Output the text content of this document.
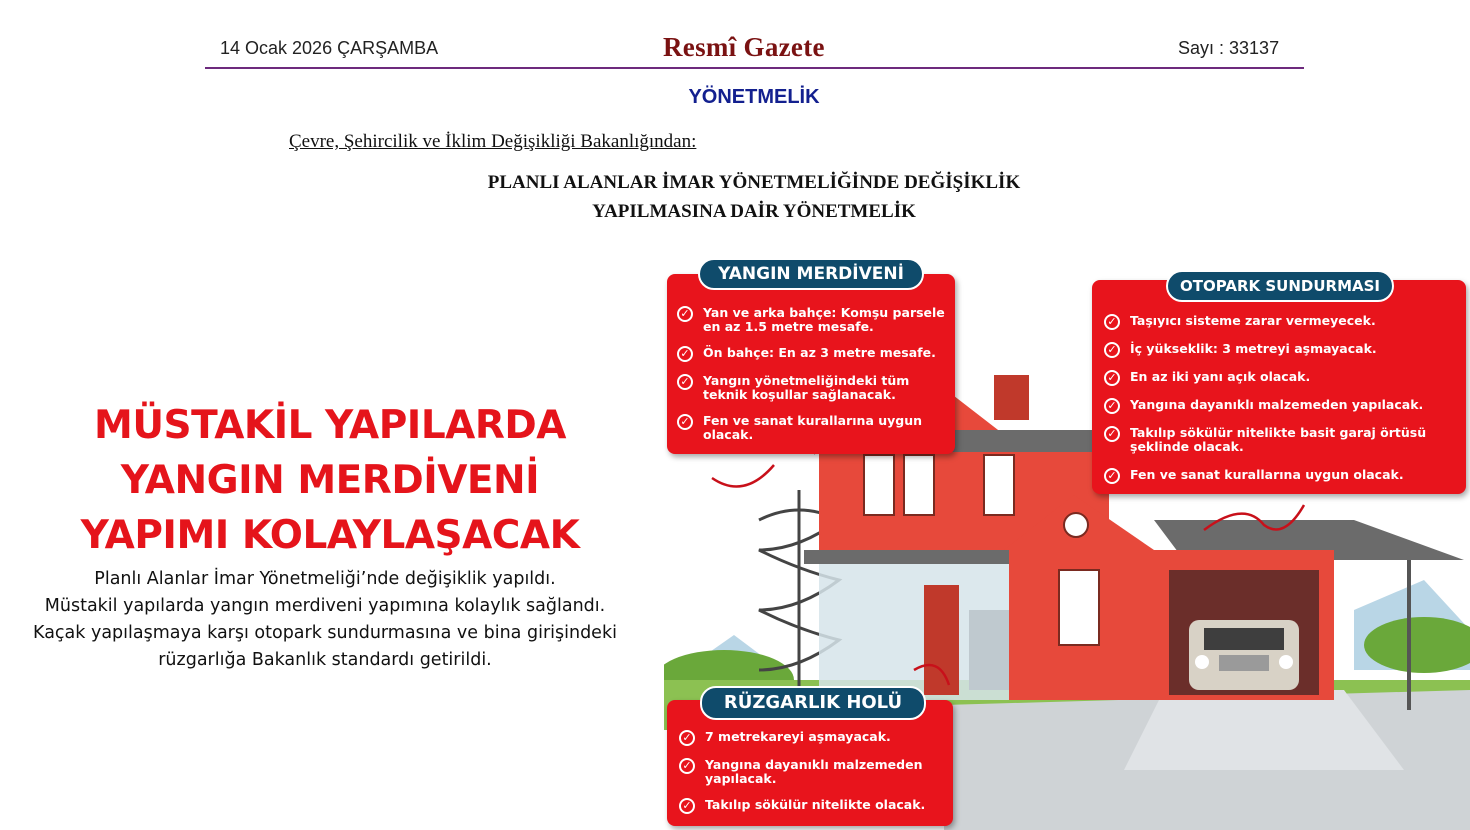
14 Ocak 2026 ÇARŞAMBA	Resmî Gazete	Sayı : 33137
YÖNETMELİK
Çevre, Şehircilik ve İklim Değişikliği Bakanlığından:
PLANLI ALANLAR İMAR YÖNETMELİĞİNDE DEĞİŞİKLİK
YAPILMASINA DAİR YÖNETMELİK
MÜSTAKİL YAPILARDA
YANGIN MERDİVENİ
YAPIMI KOLAYLAŞACAK
Planlı Alanlar İmar Yönetmeliği’nde değişiklik yapıldı.
Müstakil yapılarda yangın merdiveni yapımına kolaylık sağlandı.
Kaçak yapılaşmaya karşı otopark sundurmasına ve bina girişindeki
rüzgarlığa Bakanlık standardı getirildi.
✓ Yan ve arka bahçe: Komşu parsele en az 1.5 metre mesafe.
✓ Ön bahçe: En az 3 metre mesafe.
✓ Yangın yönetmeliğindeki tüm teknik koşullar sağlanacak.
✓ Fen ve sanat kurallarına uygun olacak.
YANGIN MERDİVENİ
✓ Taşıyıcı sisteme zarar vermeyecek.
✓ İç yükseklik: 3 metreyi aşmayacak.
✓ En az iki yanı açık olacak.
✓ Yangına dayanıklı malzemeden yapılacak.
✓ Takılıp sökülür nitelikte basit garaj örtüsü şeklinde olacak.
✓ Fen ve sanat kurallarına uygun olacak.
OTOPARK SUNDURMASI
✓ 7 metrekareyi aşmayacak.
✓ Yangına dayanıklı malzemeden yapılacak.
✓ Takılıp sökülür nitelikte olacak.
RÜZGARLIK HOLÜ
